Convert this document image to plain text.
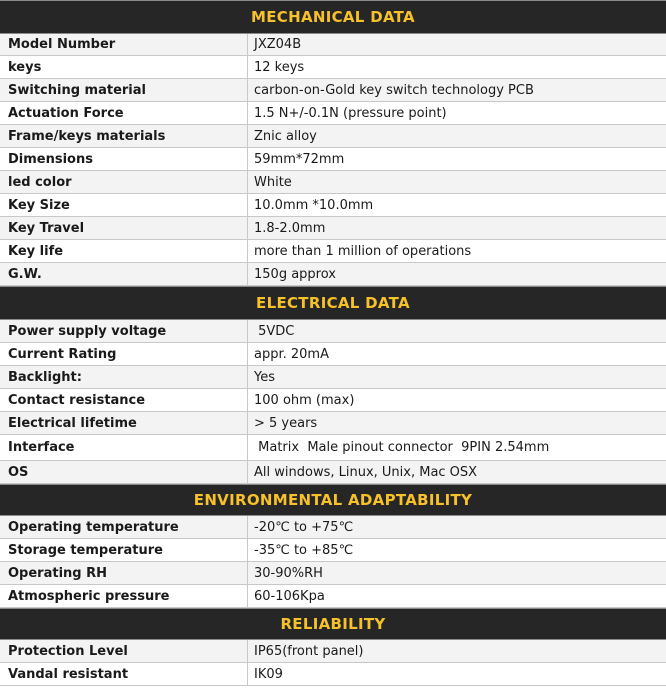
MECHANICAL DATA
Model Number	JXZ04B
keys	12 keys
Switching material	carbon-on-Gold key switch technology PCB
Actuation Force	1.5 N+/-0.1N (pressure point)
Frame/keys materials	Znic alloy
Dimensions	59mm*72mm
led color	White
Key Size	10.0mm *10.0mm
Key Travel	1.8-2.0mm
Key life	more than 1 million of operations
G.W.	150g approx
ELECTRICAL DATA
Power supply voltage	5VDC
Current Rating	appr. 20mA
Backlight:	Yes
Contact resistance	100 ohm (max)
Electrical lifetime	> 5 years
Interface	Matrix  Male pinout connector  9PIN 2.54mm
OS	All windows, Linux, Unix, Mac OSX
ENVIRONMENTAL ADAPTABILITY
Operating temperature	-20℃ to +75℃
Storage temperature	-35℃ to +85℃
Operating RH	30-90%RH
Atmospheric pressure	60-106Kpa
RELIABILITY
Protection Level	IP65(front panel)
Vandal resistant	IK09
